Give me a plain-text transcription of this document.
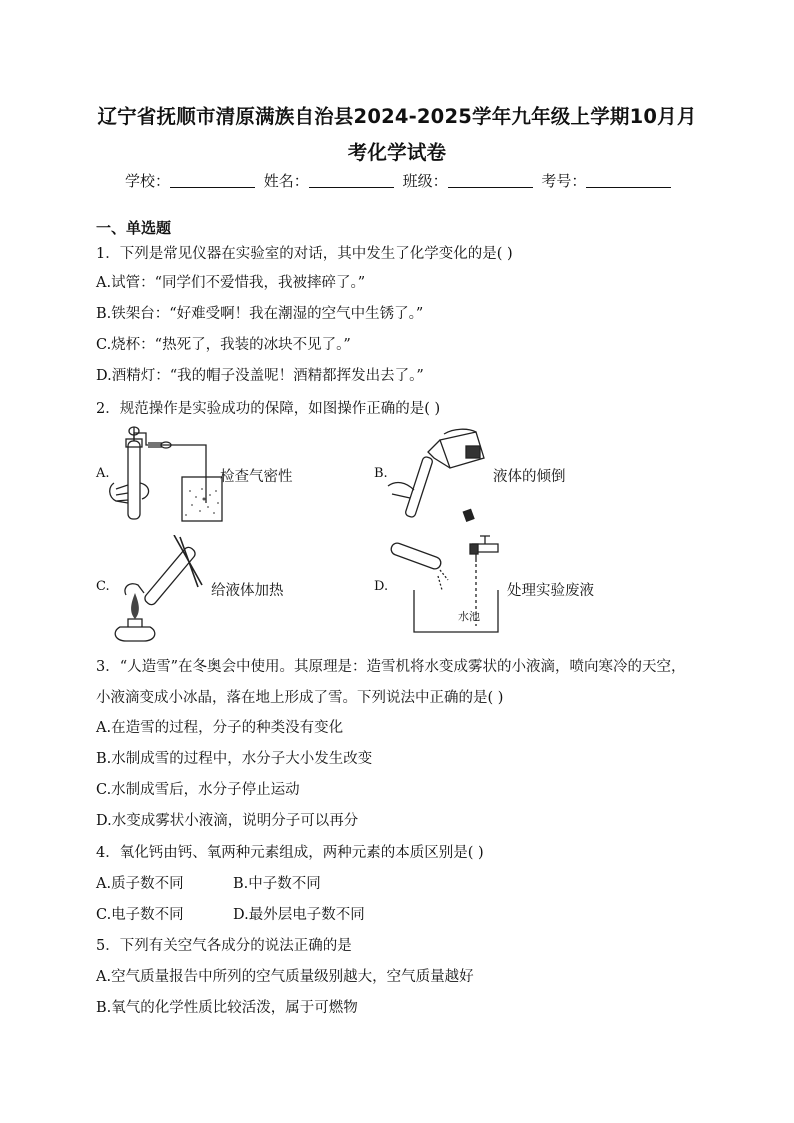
辽宁省抚顺市清原满族自治县2024-2025学年九年级上学期10月月
考化学试卷
学校：	姓名：	班级：	考号：
一、单选题
1．下列是常见仪器在实验室的对话，其中发生了化学变化的是( )
A.试管：“同学们不爱惜我，我被摔碎了。”
B.铁架台：“好难受啊！我在潮湿的空气中生锈了。”
C.烧杯：“热死了，我装的冰块不见了。”
D.酒精灯：“我的帽子没盖呢！酒精都挥发出去了。”
2．规范操作是实验成功的保障，如图操作正确的是( )
A.	检查气密性	B.	液体的倾倒
C.	给液体加热	D.
水池
处理实验废液
3．“人造雪”在冬奥会中使用。其原理是：造雪机将水变成雾状的小液滴，喷向寒冷的天空，小液滴变成小冰晶，落在地上形成了雪。下列说法中正确的是( )
A.在造雪的过程，分子的种类没有变化
B.水制成雪的过程中，水分子大小发生改变
C.水制成雪后，水分子停止运动
D.水变成雾状小液滴，说明分子可以再分
4．氧化钙由钙、氧两种元素组成，两种元素的本质区别是( )
A.质子数不同	B.中子数不同
C.电子数不同	D.最外层电子数不同
5．下列有关空气各成分的说法正确的是
A.空气质量报告中所列的空气质量级别越大，空气质量越好
B.氧气的化学性质比较活泼，属于可燃物
